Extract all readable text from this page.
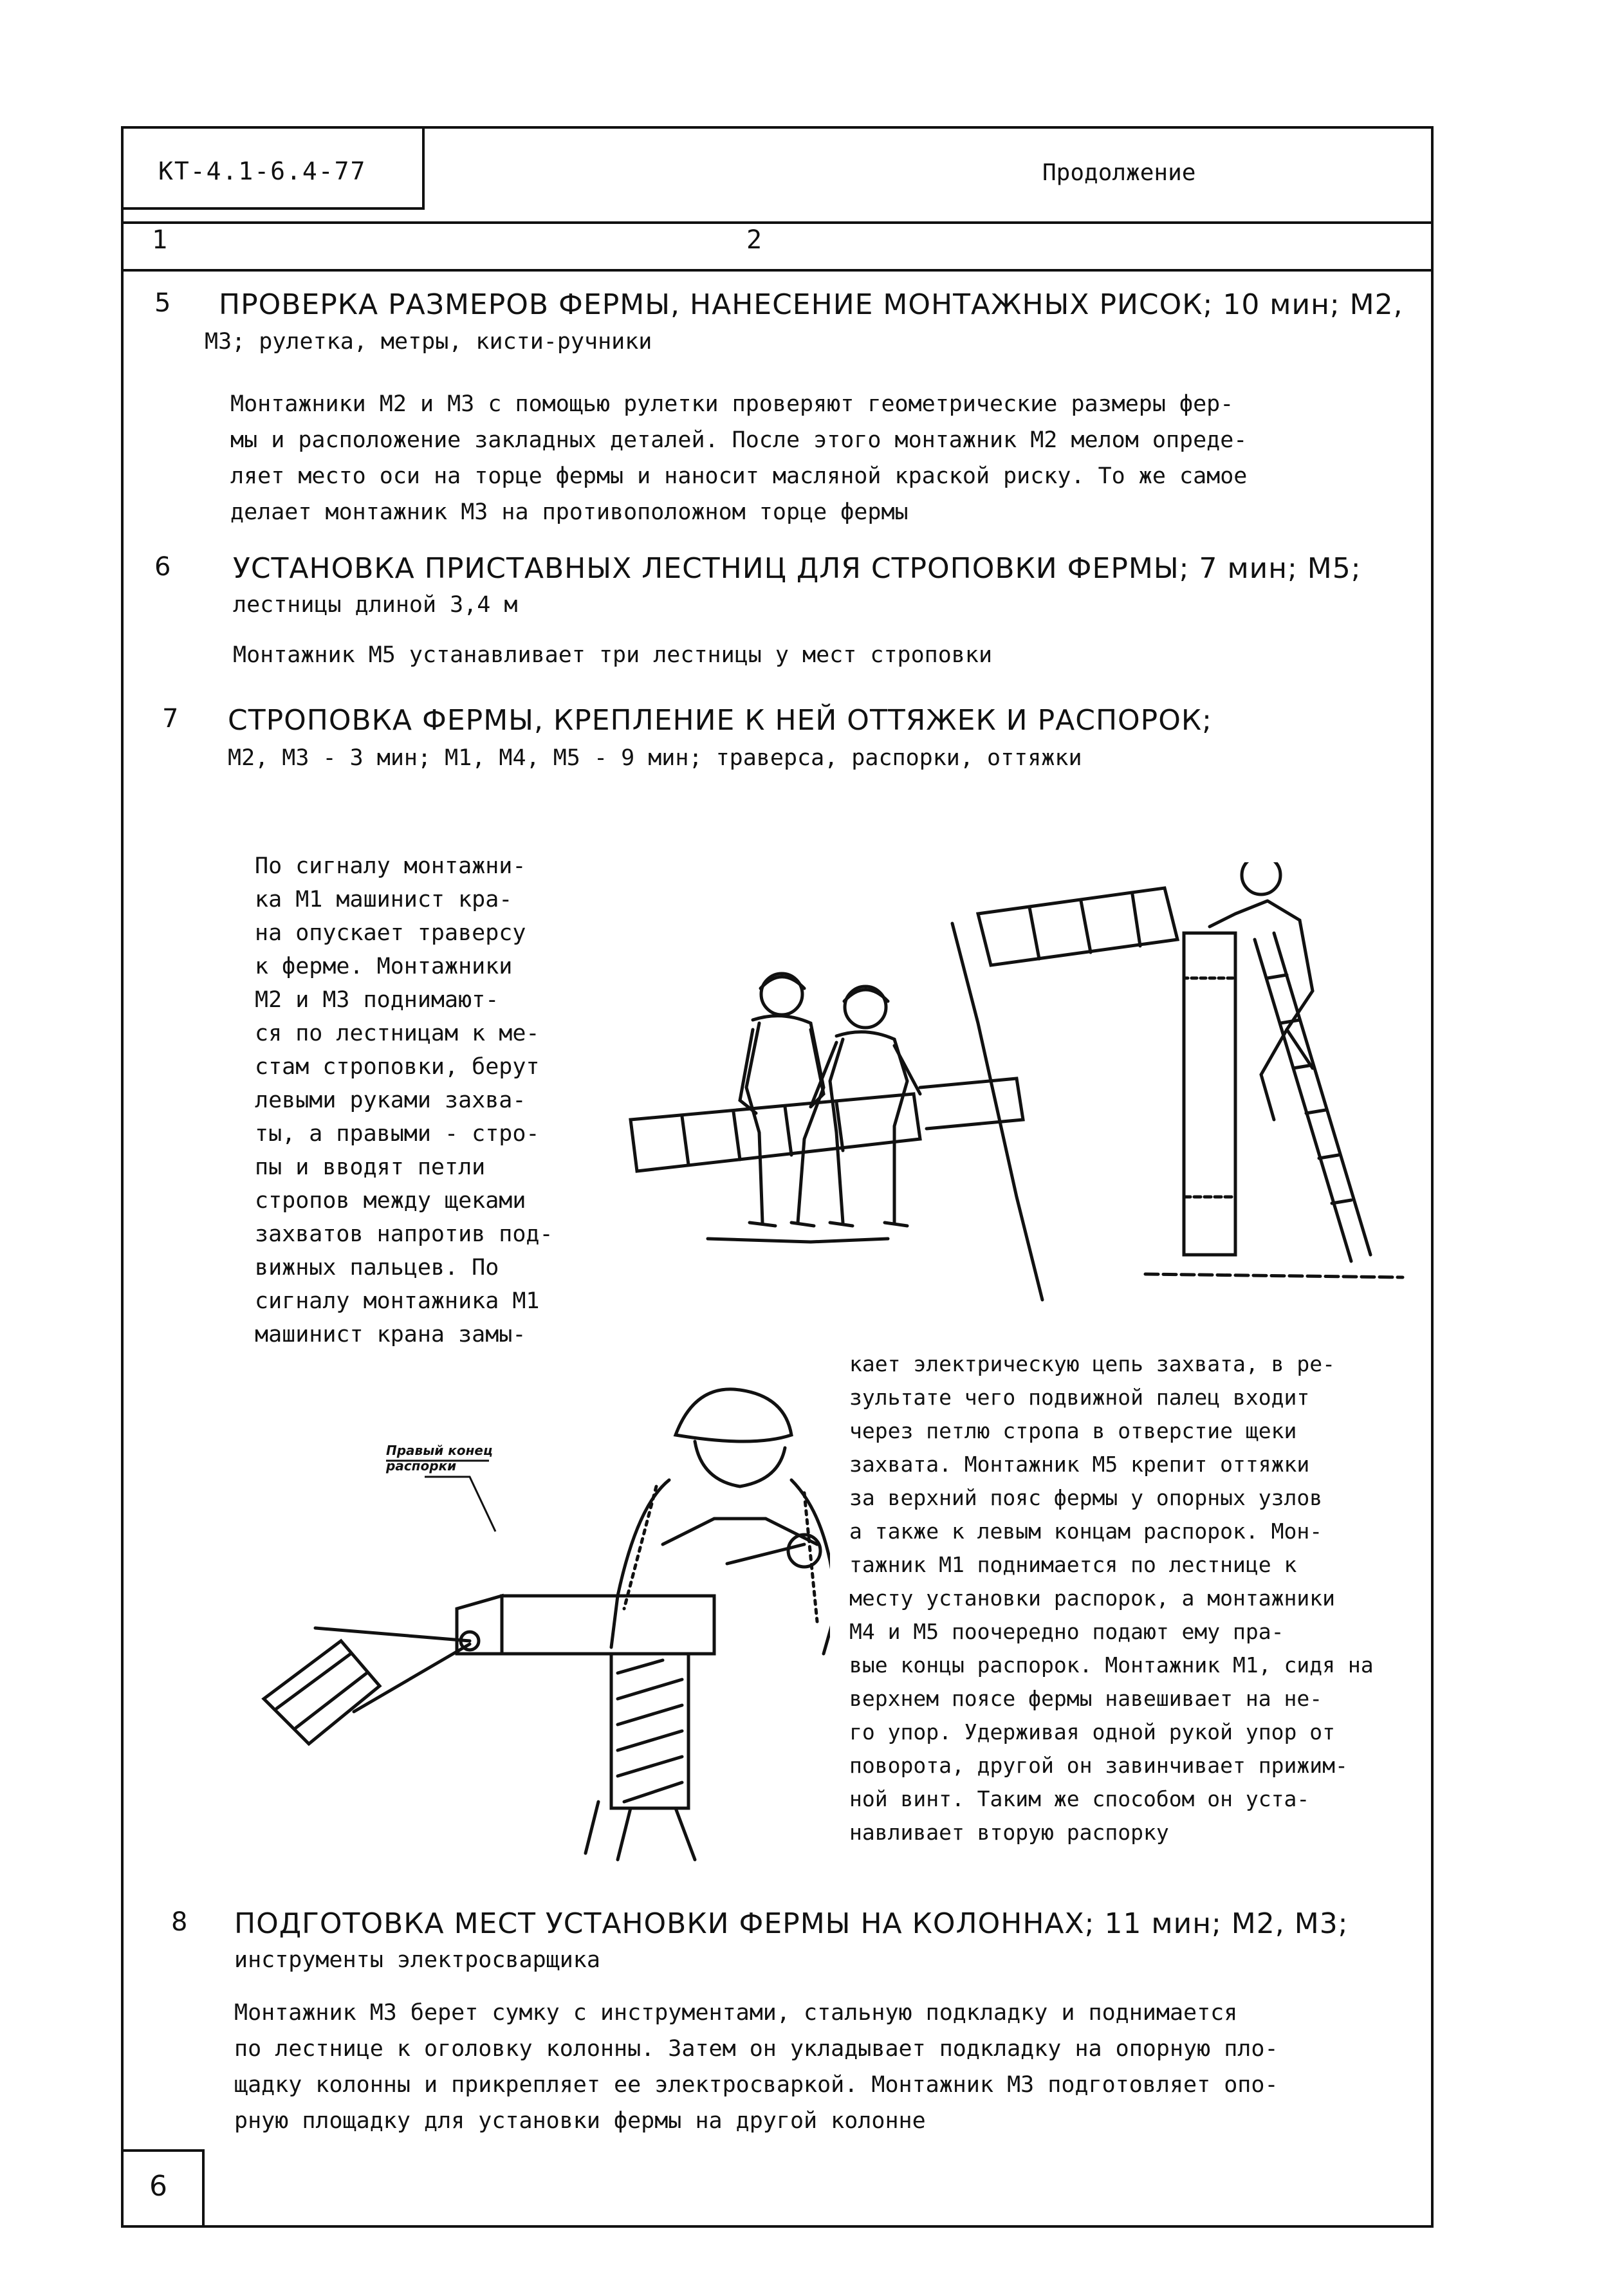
КТ-4.1-6.4-77	Продолжение
1	2
5 ПРОВЕРКА РАЗМЕРОВ ФЕРМЫ, НАНЕСЕНИЕ МОНТАЖНЫХ РИСОК; 10 мин; М2,
М3; рулетка, метры, кисти-ручники
Монтажники М2 и М3 с помощью рулетки проверяют геометрические размеры фер-
мы и расположение закладных деталей. После этого монтажник М2 мелом опреде-
ляет место оси на торце фермы и наносит масляной краской риску. То же самое
делает монтажник М3 на противоположном торце фермы
6 УСТАНОВКА ПРИСТАВНЫХ ЛЕСТНИЦ ДЛЯ СТРОПОВКИ ФЕРМЫ; 7 мин; М5;
лестницы длиной 3,4 м
Монтажник М5 устанавливает три лестницы у мест строповки
7 СТРОПОВКА ФЕРМЫ, КРЕПЛЕНИЕ К НЕЙ ОТТЯЖЕК И РАСПОРОК;
М2, М3 - 3 мин; М1, М4, М5 - 9 мин; траверса, распорки, оттяжки
По сигналу монтажни-
ка М1 машинист кра-
на опускает траверсу
к ферме. Монтажники
М2 и М3 поднимают-
ся по лестницам к ме-
стам строповки, берут
левыми руками захва-
ты, а правыми - стро-
пы и вводят петли
стропов между щеками
захватов напротив под-
вижных пальцев. По
сигналу монтажника М1
машинист крана замы-
кает электрическую цепь захвата, в ре-
зультате чего подвижной палец входит
через петлю стропа в отверстие щеки
захвата. Монтажник М5 крепит оттяжки
за верхний пояс фермы у опорных узлов
а также к левым концам распорок. Мон-
тажник М1 поднимается по лестнице к
месту установки распорок, а монтажники
М4 и М5 поочередно подают ему пра-
вые концы распорок. Монтажник М1, сидя на
верхнем поясе фермы навешивает на не-
го упор. Удерживая одной рукой упор от
поворота, другой он завинчивает прижим-
ной винт. Таким же способом он уста-
навливает вторую распорку
Правый конец
распорки
8 ПОДГОТОВКА МЕСТ УСТАНОВКИ ФЕРМЫ НА КОЛОННАХ; 11 мин; М2, М3;
инструменты электросварщика
Монтажник М3 берет сумку с инструментами, стальную подкладку и поднимается
по лестнице к оголовку колонны. Затем он укладывает подкладку на опорную пло-
щадку колонны и прикрепляет ее электросваркой. Монтажник М3 подготовляет опо-
рную площадку для установки фермы на другой колонне
6
